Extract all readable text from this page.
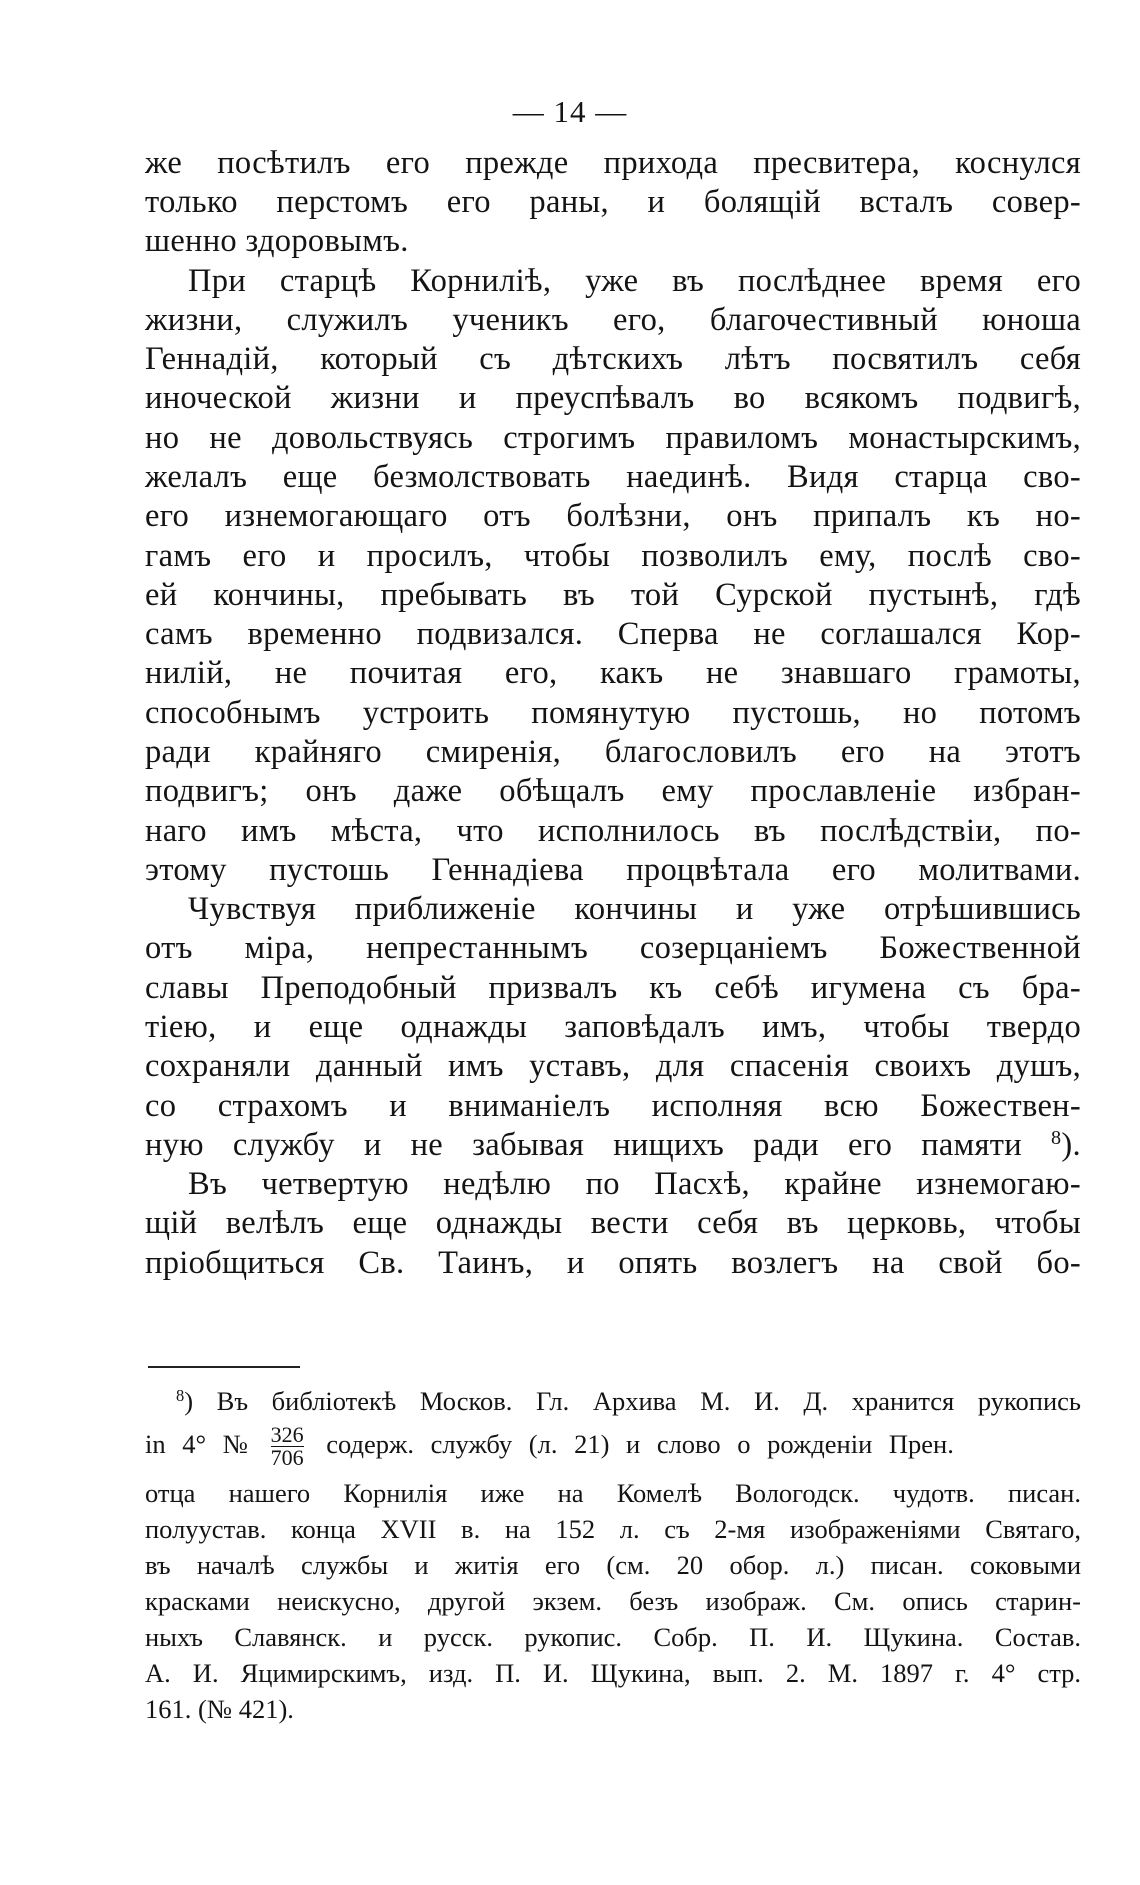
— 14 —
же посѣтилъ его прежде прихода пресвитера, коснулся
только перстомъ его раны, и болящій всталъ совер-
шенно здоровымъ.
При старцѣ Корниліѣ, уже въ послѣднее время его
жизни, служилъ ученикъ его, благочестивный юноша
Геннадій, который съ дѣтскихъ лѣтъ посвятилъ себя
иноческой жизни и преуспѣвалъ во всякомъ подвигѣ,
но не довольствуясь строгимъ правиломъ монастырскимъ,
желалъ еще безмолствовать наединѣ. Видя старца сво-
его изнемогающаго отъ болѣзни, онъ припалъ къ но-
гамъ его и просилъ, чтобы позволилъ ему, послѣ сво-
ей кончины, пребывать въ той Сурской пустынѣ, гдѣ
самъ временно подвизался. Сперва не соглашался Кор-
нилій, не почитая его, какъ не знавшаго грамоты,
способнымъ устроить помянутую пустошь, но потомъ
ради крайняго смиренія, благословилъ его на этотъ
подвигъ; онъ даже обѣщалъ ему прославленіе избран-
наго имъ мѣста, что исполнилось въ послѣдствіи, по-
этому пустошь Геннадіева процвѣтала его молитвами.
Чувствуя приближеніе кончины и уже отрѣшившись
отъ міра, непрестаннымъ созерцаніемъ Божественной
славы Преподобный призвалъ къ себѣ игумена съ бра-
тіею, и еще однажды заповѣдалъ имъ, чтобы твердо
сохраняли данный имъ уставъ, для спасенія своихъ душъ,
со страхомъ и вниманіелъ исполняя всю Божествен-
ную службу и не забывая нищихъ ради его памяти $^8$).
Въ четвертую недѣлю по Пасхѣ, крайне изнемогаю-
щій велѣлъ еще однажды вести себя въ церковь, чтобы
пріобщиться Св. Таинъ, и опять возлегъ на свой бо-
$^8$) Въ библіотекѣ Москов. Гл. Архива М. И. Д. хранится рукопись
in 4° № $\frac{326}{706}$ содерж. службу (л. 21) и слово о рожденіи Прен.
отца нашего Корнилія иже на Комелѣ Вологодск. чудотв. писан.
полуустав. конца XVII в. на 152 л. съ 2-мя изображеніями Святаго,
въ началѣ службы и житія его (см. 20 обор. л.) писан. соковыми
красками неискусно, другой экзем. безъ изображ. См. опись старин-
ныхъ Славянск. и русск. рукопис. Собр. П. И. Щукина. Состав.
А. И. Яцимирскимъ, изд. П. И. Щукина, вып. 2. М. 1897 г. 4° стр.
161. (№ 421).
